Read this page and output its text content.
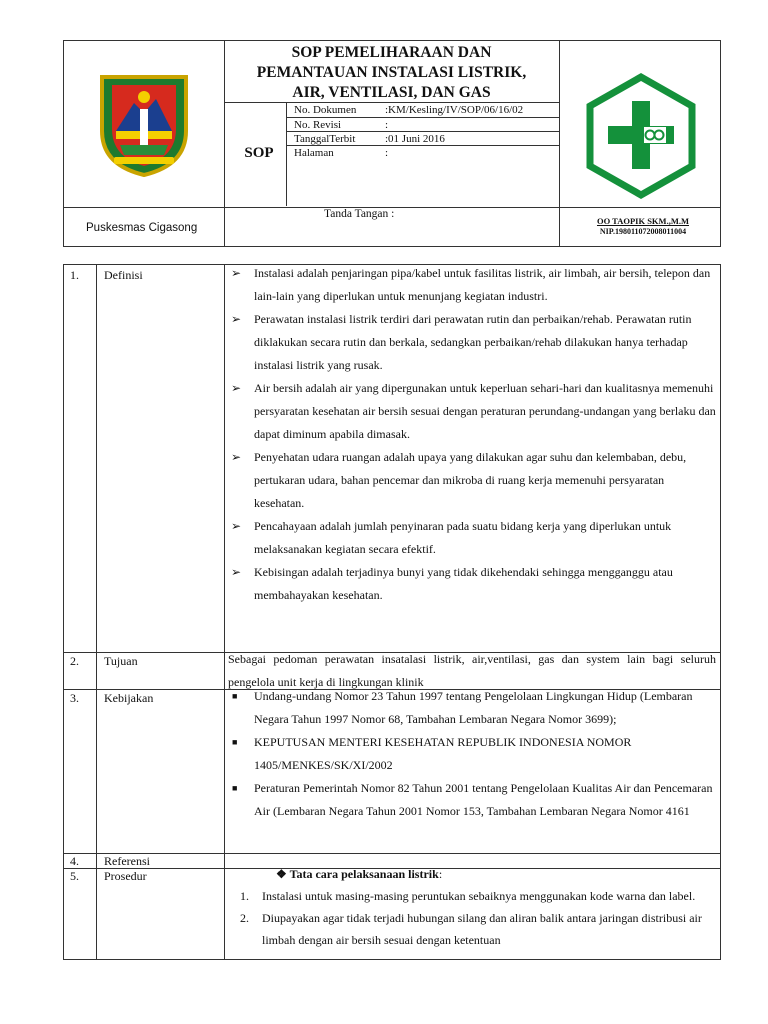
SOP PEMELIHARAAN DAN
PEMANTAUAN INSTALASI LISTRIK,
AIR, VENTILASI, DAN GAS
SOP
No. Dokumen	:KM/Kesling/IV/SOP/06/16/02
No. Revisi	:
TanggalTerbit	:01 Juni 2016
Halaman	:
Puskesmas Cigasong
Tanda Tangan :
OO TAOPIK SKM.,M.M
NIP.198011072008011004
1. Definisi	➢ Instalasi adalah penjaringan pipa/kabel untuk fasilitas listrik, air limbah, air bersih, telepon dan lain-lain yang diperlukan untuk menunjang kegiatan industri.
➢ Perawatan instalasi listrik terdiri dari perawatan rutin dan perbaikan/rehab. Perawatan rutin diklakukan secara rutin dan berkala, sedangkan perbaikan/rehab dilakukan hanya terhadap instalasi listrik yang rusak.
➢ Air bersih adalah air yang dipergunakan untuk keperluan sehari-hari dan kualitasnya memenuhi persyaratan kesehatan air bersih sesuai dengan peraturan perundang-undangan yang berlaku dan dapat diminum apabila dimasak.
➢ Penyehatan udara ruangan adalah upaya yang dilakukan agar suhu dan kelembaban, debu, pertukaran udara, bahan pencemar dan mikroba di ruang kerja memenuhi persyaratan kesehatan.
➢ Pencahayaan adalah jumlah penyinaran pada suatu bidang kerja yang diperlukan untuk melaksanakan kegiatan secara efektif.
➢ Kebisingan adalah terjadinya bunyi yang tidak dikehendaki sehingga mengganggu atau membahayakan kesehatan.
2. Tujuan	Sebagai pedoman perawatan insatalasi listrik, air,ventilasi, gas dan system lain bagi seluruh pengelola unit kerja di lingkungan klinik
3. Kebijakan	■ Undang-undang Nomor 23 Tahun 1997 tentang Pengelolaan Lingkungan Hidup (Lembaran Negara Tahun 1997 Nomor 68, Tambahan Lembaran Negara Nomor 3699);
■ KEPUTUSAN MENTERI KESEHATAN REPUBLIK INDONESIA NOMOR 1405/MENKES/SK/XI/2002
■ Peraturan Pemerintah Nomor 82 Tahun 2001 tentang Pengelolaan Kualitas Air dan Pencemaran Air (Lembaran Negara Tahun 2001 Nomor 153, Tambahan Lembaran Negara Nomor 4161
4. Referensi
5. Prosedur	❖ Tata cara pelaksanaan listrik:
1. Instalasi untuk masing-masing peruntukan sebaiknya menggunakan kode warna dan label.
2. Diupayakan agar tidak terjadi hubungan silang dan aliran balik antara jaringan distribusi air limbah dengan air bersih sesuai dengan ketentuan
